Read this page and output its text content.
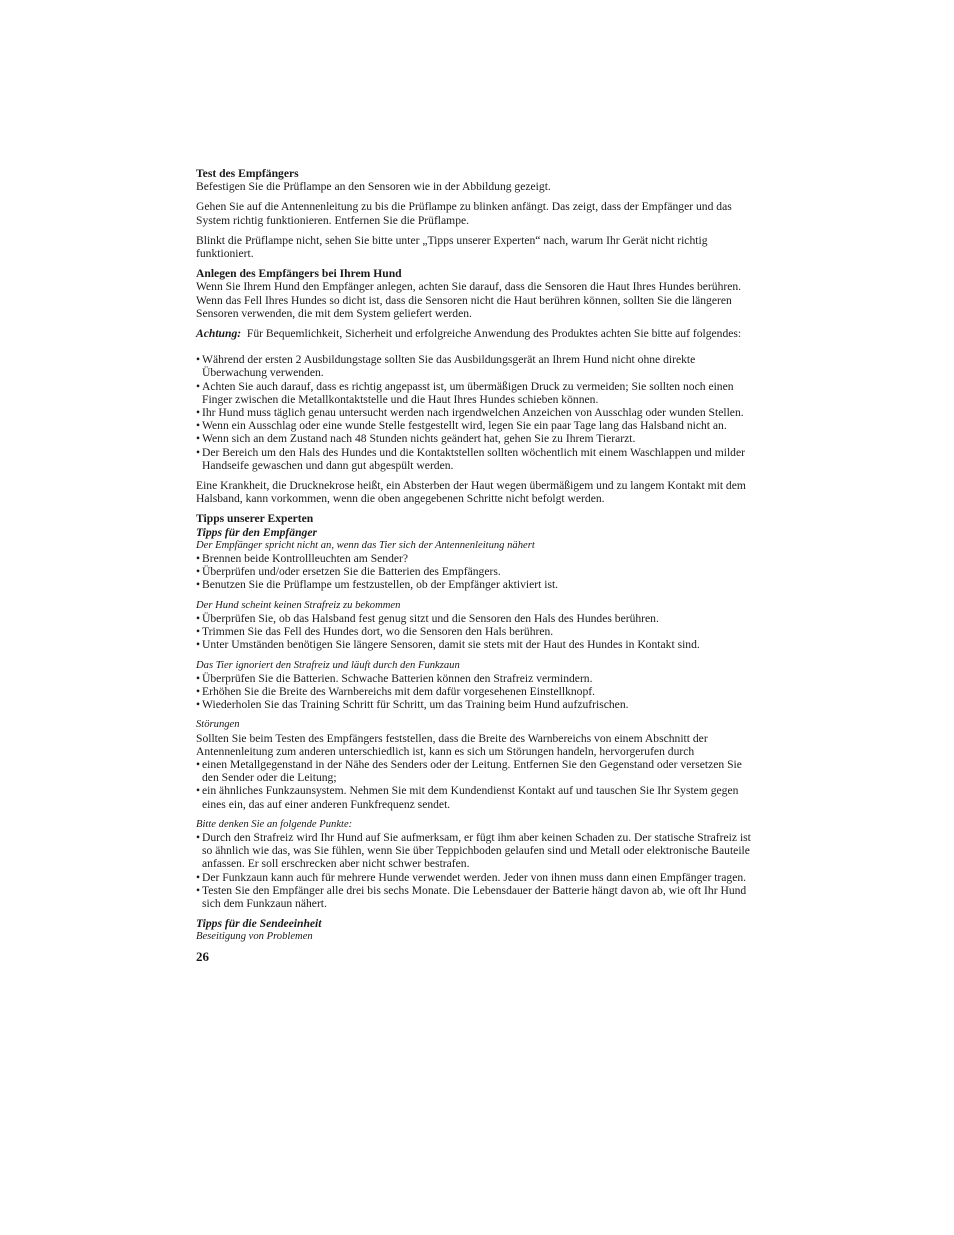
Test des Empfängers

Befestigen Sie die Prüflampe an den Sensoren wie in der Abbildung gezeigt.

Gehen Sie auf die Antennenleitung zu bis die Prüflampe zu blinken anfängt. Das zeigt, dass der Empfänger und das System richtig funktionieren. Entfernen Sie die Prüflampe.

Blinkt die Prüflampe nicht, sehen Sie bitte unter „Tipps unserer Experten“ nach, warum Ihr Gerät nicht richtig funktioniert.

Anlegen des Empfängers bei Ihrem Hund

Wenn Sie Ihrem Hund den Empfänger anlegen, achten Sie darauf, dass die Sensoren die Haut Ihres Hundes berühren. Wenn das Fell Ihres Hundes so dicht ist, dass die Sensoren nicht die Haut berühren können, sollten Sie die längeren Sensoren verwenden, die mit dem System geliefert werden.

Achtung: Für Bequemlichkeit, Sicherheit und erfolgreiche Anwendung des Produktes achten Sie bitte auf folgendes:

• Während der ersten 2 Ausbildungstage sollten Sie das Ausbildungsgerät an Ihrem Hund nicht ohne direkte Überwachung verwenden.
• Achten Sie auch darauf, dass es richtig angepasst ist, um übermäßigen Druck zu vermeiden; Sie sollten noch einen Finger zwischen die Metallkontaktstelle und die Haut Ihres Hundes schieben können.
• Ihr Hund muss täglich genau untersucht werden nach irgendwelchen Anzeichen von Ausschlag oder wunden Stellen.
• Wenn ein Ausschlag oder eine wunde Stelle festgestellt wird, legen Sie ein paar Tage lang das Halsband nicht an.
• Wenn sich an dem Zustand nach 48 Stunden nichts geändert hat, gehen Sie zu Ihrem Tierarzt.
• Der Bereich um den Hals des Hundes und die Kontaktstellen sollten wöchentlich mit einem Waschlappen und milder Handseife gewaschen und dann gut abgespült werden.

Eine Krankheit, die Drucknekrose heißt, ein Absterben der Haut wegen übermäßigem und zu langem Kontakt mit dem Halsband, kann vorkommen, wenn die oben angegebenen Schritte nicht befolgt werden.

Tipps unserer Experten

Tipps für den Empfänger

Der Empfänger spricht nicht an, wenn das Tier sich der Antennenleitung nähert

• Brennen beide Kontrollleuchten am Sender?
• Überprüfen und/oder ersetzen Sie die Batterien des Empfängers.
• Benutzen Sie die Prüflampe um festzustellen, ob der Empfänger aktiviert ist.

Der Hund scheint keinen Strafreiz zu bekommen

• Überprüfen Sie, ob das Halsband fest genug sitzt und die Sensoren den Hals des Hundes berühren.
• Trimmen Sie das Fell des Hundes dort, wo die Sensoren den Hals berühren.
• Unter Umständen benötigen Sie längere Sensoren, damit sie stets mit der Haut des Hundes in Kontakt sind.

Das Tier ignoriert den Strafreiz und läuft durch den Funkzaun

• Überprüfen Sie die Batterien. Schwache Batterien können den Strafreiz vermindern.
• Erhöhen Sie die Breite des Warnbereichs mit dem dafür vorgesehenen Einstellknopf.
• Wiederholen Sie das Training Schritt für Schritt, um das Training beim Hund aufzufrischen.

Störungen

Sollten Sie beim Testen des Empfängers feststellen, dass die Breite des Warnbereichs von einem Abschnitt der Antennenleitung zum anderen unterschiedlich ist, kann es sich um Störungen handeln, hervorgerufen durch

• einen Metallgegenstand in der Nähe des Senders oder der Leitung. Entfernen Sie den Gegenstand oder versetzen Sie den Sender oder die Leitung;
• ein ähnliches Funkzaunsystem. Nehmen Sie mit dem Kundendienst Kontakt auf und tauschen Sie Ihr System gegen eines ein, das auf einer anderen Funkfrequenz sendet.

Bitte denken Sie an folgende Punkte:

• Durch den Strafreiz wird Ihr Hund auf Sie aufmerksam, er fügt ihm aber keinen Schaden zu. Der statische Strafreiz ist so ähnlich wie das, was Sie fühlen, wenn Sie über Teppichboden gelaufen sind und Metall oder elektronische Bauteile anfassen. Er soll erschrecken aber nicht schwer bestrafen.
• Der Funkzaun kann auch für mehrere Hunde verwendet werden. Jeder von ihnen muss dann einen Empfänger tragen.
• Testen Sie den Empfänger alle drei bis sechs Monate. Die Lebensdauer der Batterie hängt davon ab, wie oft Ihr Hund sich dem Funkzaun nähert.

Tipps für die Sendeeinheit

Beseitigung von Problemen

26
